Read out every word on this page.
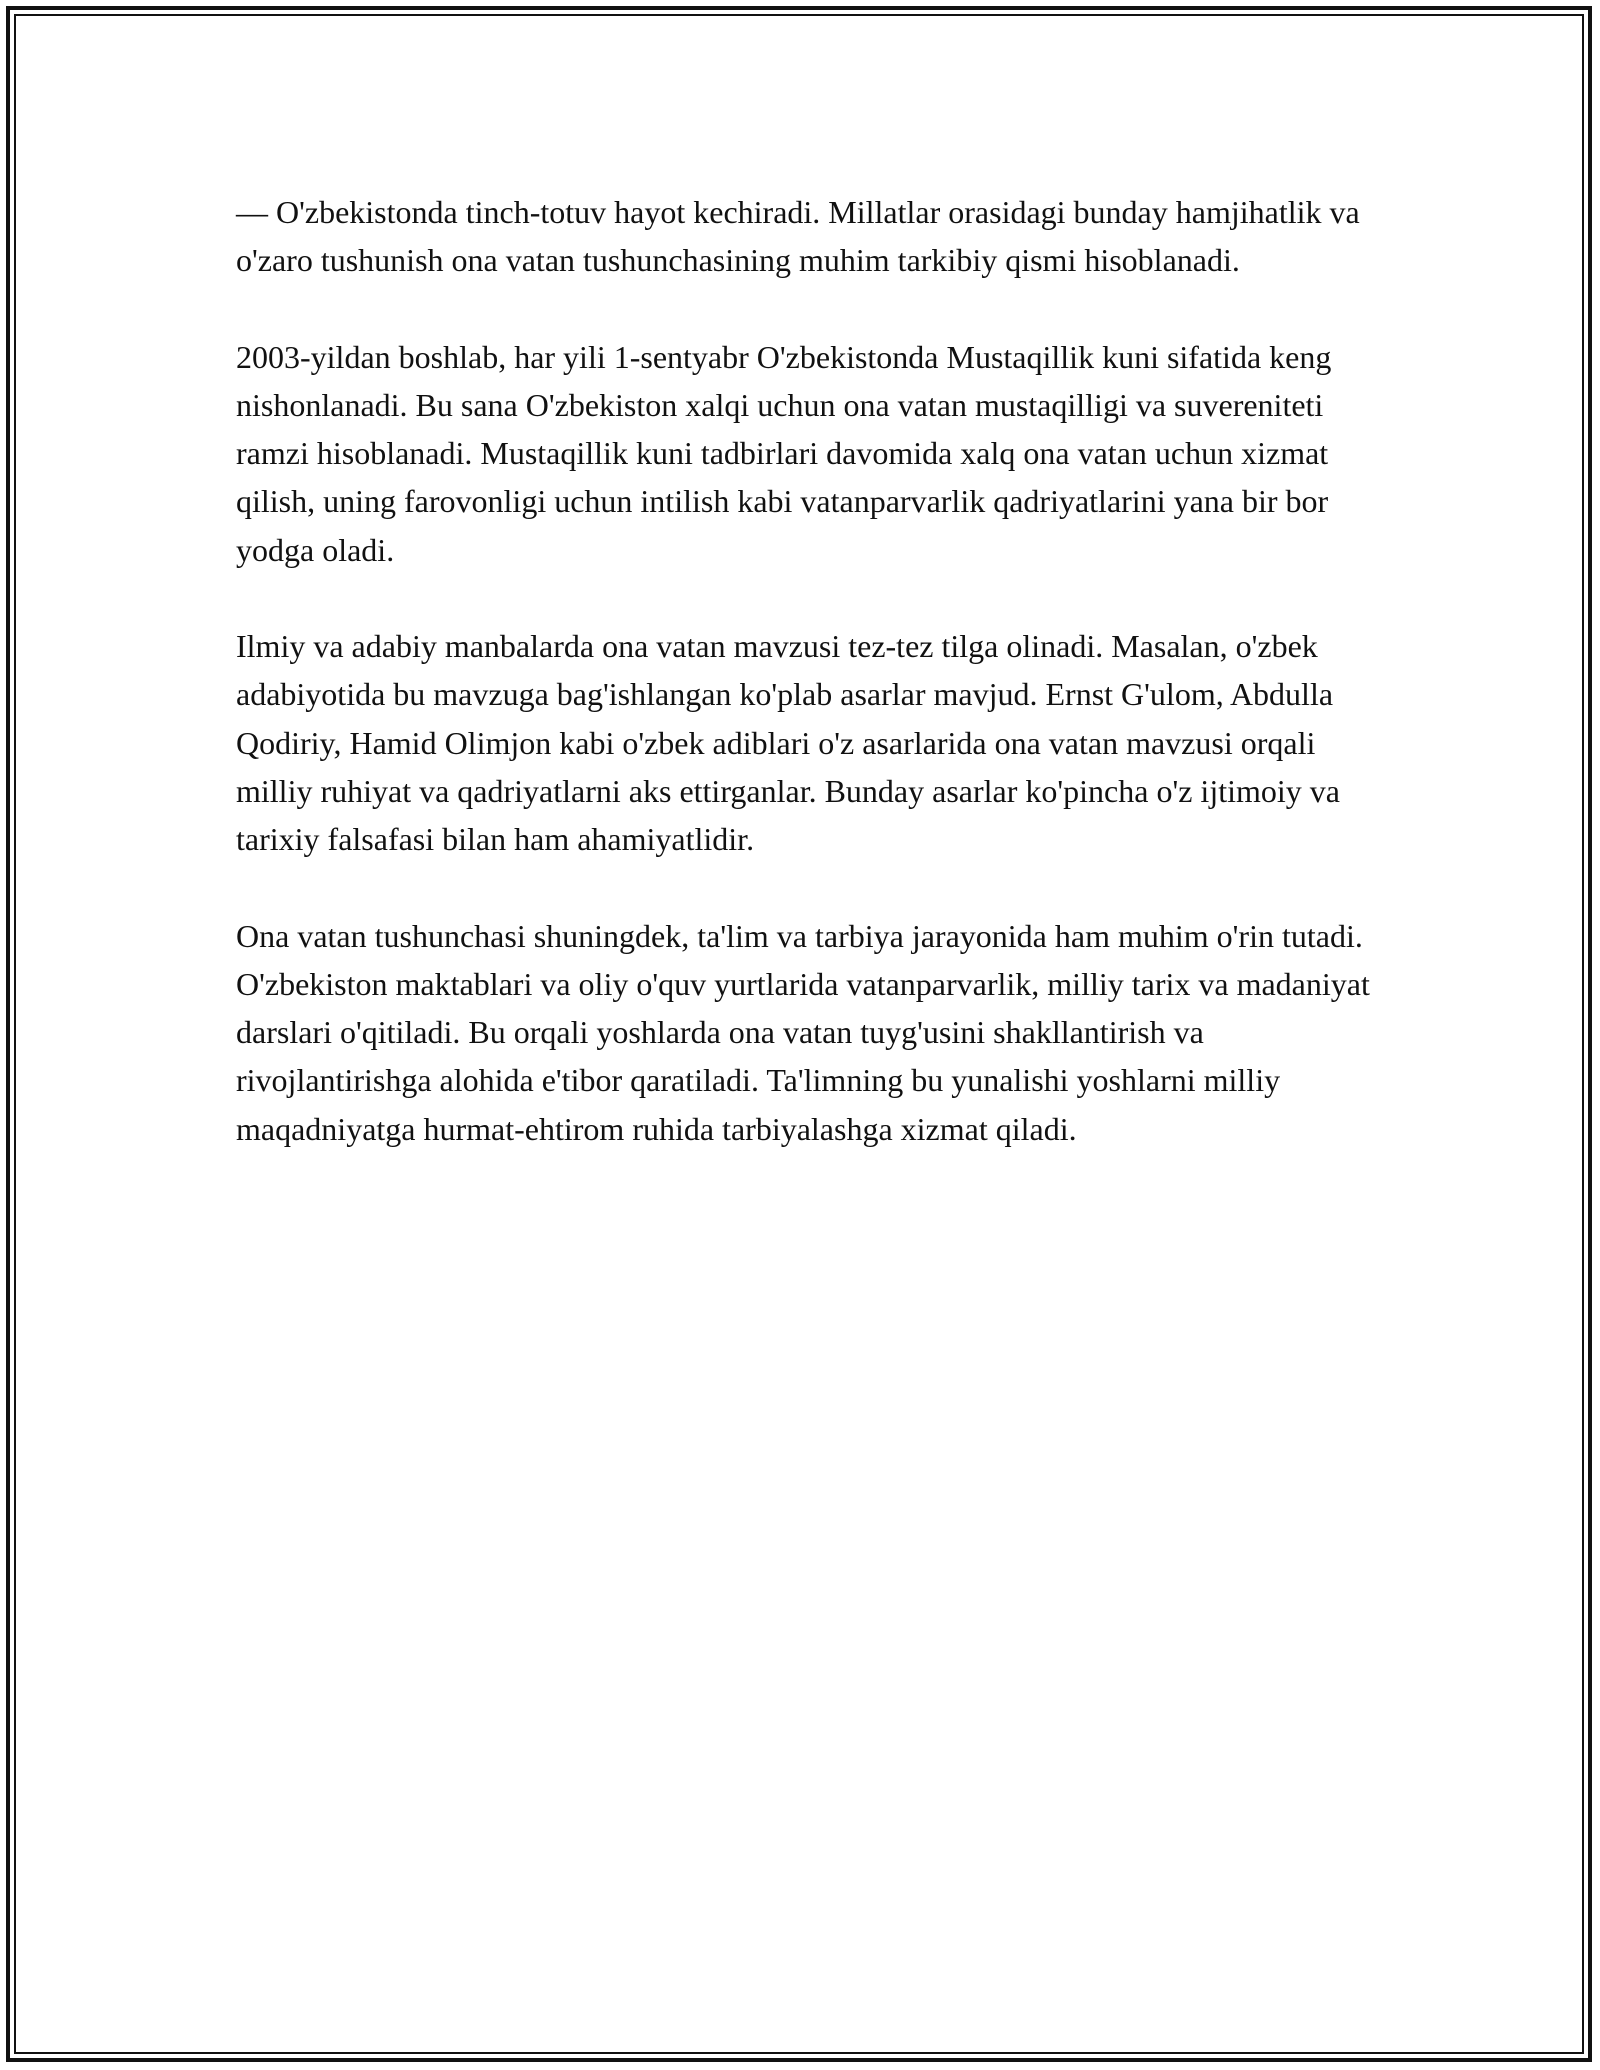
— O'zbekistonda tinch-totuv hayot kechiradi. Millatlar orasidagi bunday hamjihatlik va o'zaro tushunish ona vatan tushunchasining muhim tarkibiy qismi hisoblanadi.

2003-yildan boshlab, har yili 1-sentyabr O'zbekistonda Mustaqillik kuni sifatida keng nishonlanadi. Bu sana O'zbekiston xalqi uchun ona vatan mustaqilligi va suvereniteti ramzi hisoblanadi. Mustaqillik kuni tadbirlari davomida xalq ona vatan uchun xizmat qilish, uning farovonligi uchun intilish kabi vatanparvarlik qadriyatlarini yana bir bor yodga oladi.

Ilmiy va adabiy manbalarda ona vatan mavzusi tez-tez tilga olinadi. Masalan, o'zbek adabiyotida bu mavzuga bag'ishlangan ko'plab asarlar mavjud. Ernst G'ulom, Abdulla Qodiriy, Hamid Olimjon kabi o'zbek adiblari o'z asarlarida ona vatan mavzusi orqali milliy ruhiyat va qadriyatlarni aks ettirganlar. Bunday asarlar ko'pincha o'z ijtimoiy va tarixiy falsafasi bilan ham ahamiyatlidir.

Ona vatan tushunchasi shuningdek, ta'lim va tarbiya jarayonida ham muhim o'rin tutadi. O'zbekiston maktablari va oliy o'quv yurtlarida vatanparvarlik, milliy tarix va madaniyat darslari o'qitiladi. Bu orqali yoshlarda ona vatan tuyg'usini shakllantirish va rivojlantirishga alohida e'tibor qaratiladi. Ta'limning bu yunalishi yoshlarni milliy maqadniyatga hurmat-ehtirom ruhida tarbiyalashga xizmat qiladi.
